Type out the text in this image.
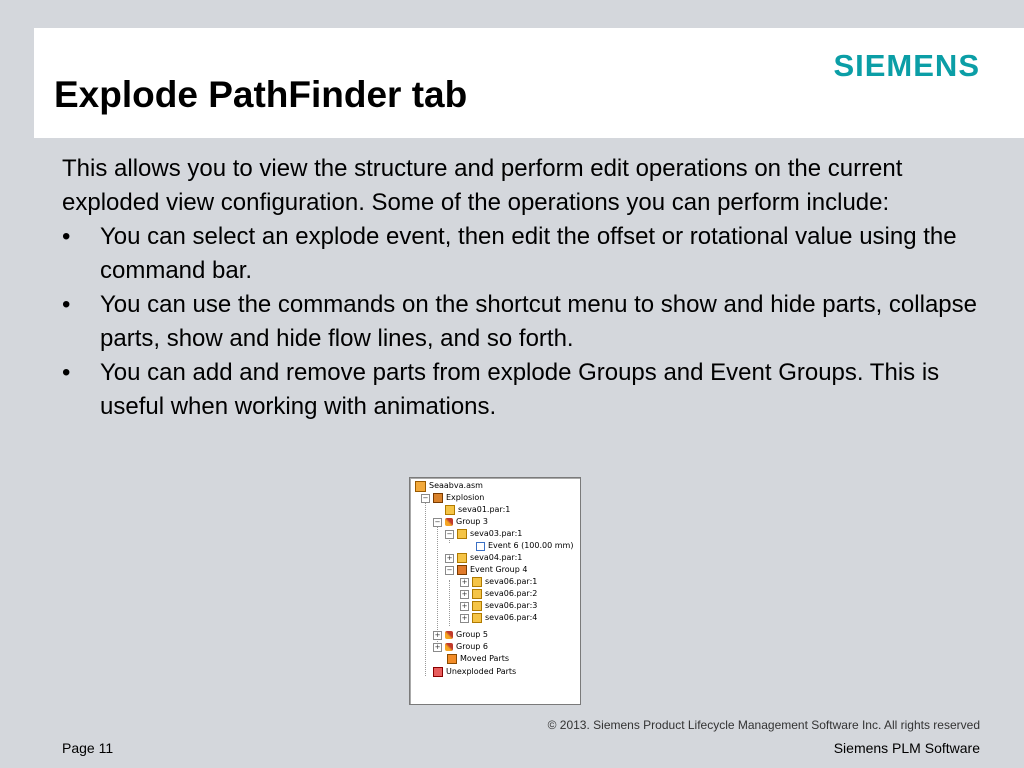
Explode PathFinder tab
SIEMENS

This allows you to view the structure and perform edit operations on the current exploded view configuration. Some of the operations you can perform include:

• You can select an explode event, then edit the offset or rotational value using the command bar.
• You can use the commands on the shortcut menu to show and hide parts, collapse parts, show and hide flow lines, and so forth.
• You can add and remove parts from explode Groups and Event Groups. This is useful when working with animations.
Seaabva.asm
− Explosion
seva01.par:1
− Group 3
− seva03.par:1
Event 6 (100.00 mm)
+ seva04.par:1
− Event Group 4
+ seva06.par:1
+ seva06.par:2
+ seva06.par:3
+ seva06.par:4
+ Group 5
+ Group 6
Moved Parts
Unexploded Parts
© 2013. Siemens Product Lifecycle Management Software Inc. All rights reserved
Page 11	Siemens PLM Software
